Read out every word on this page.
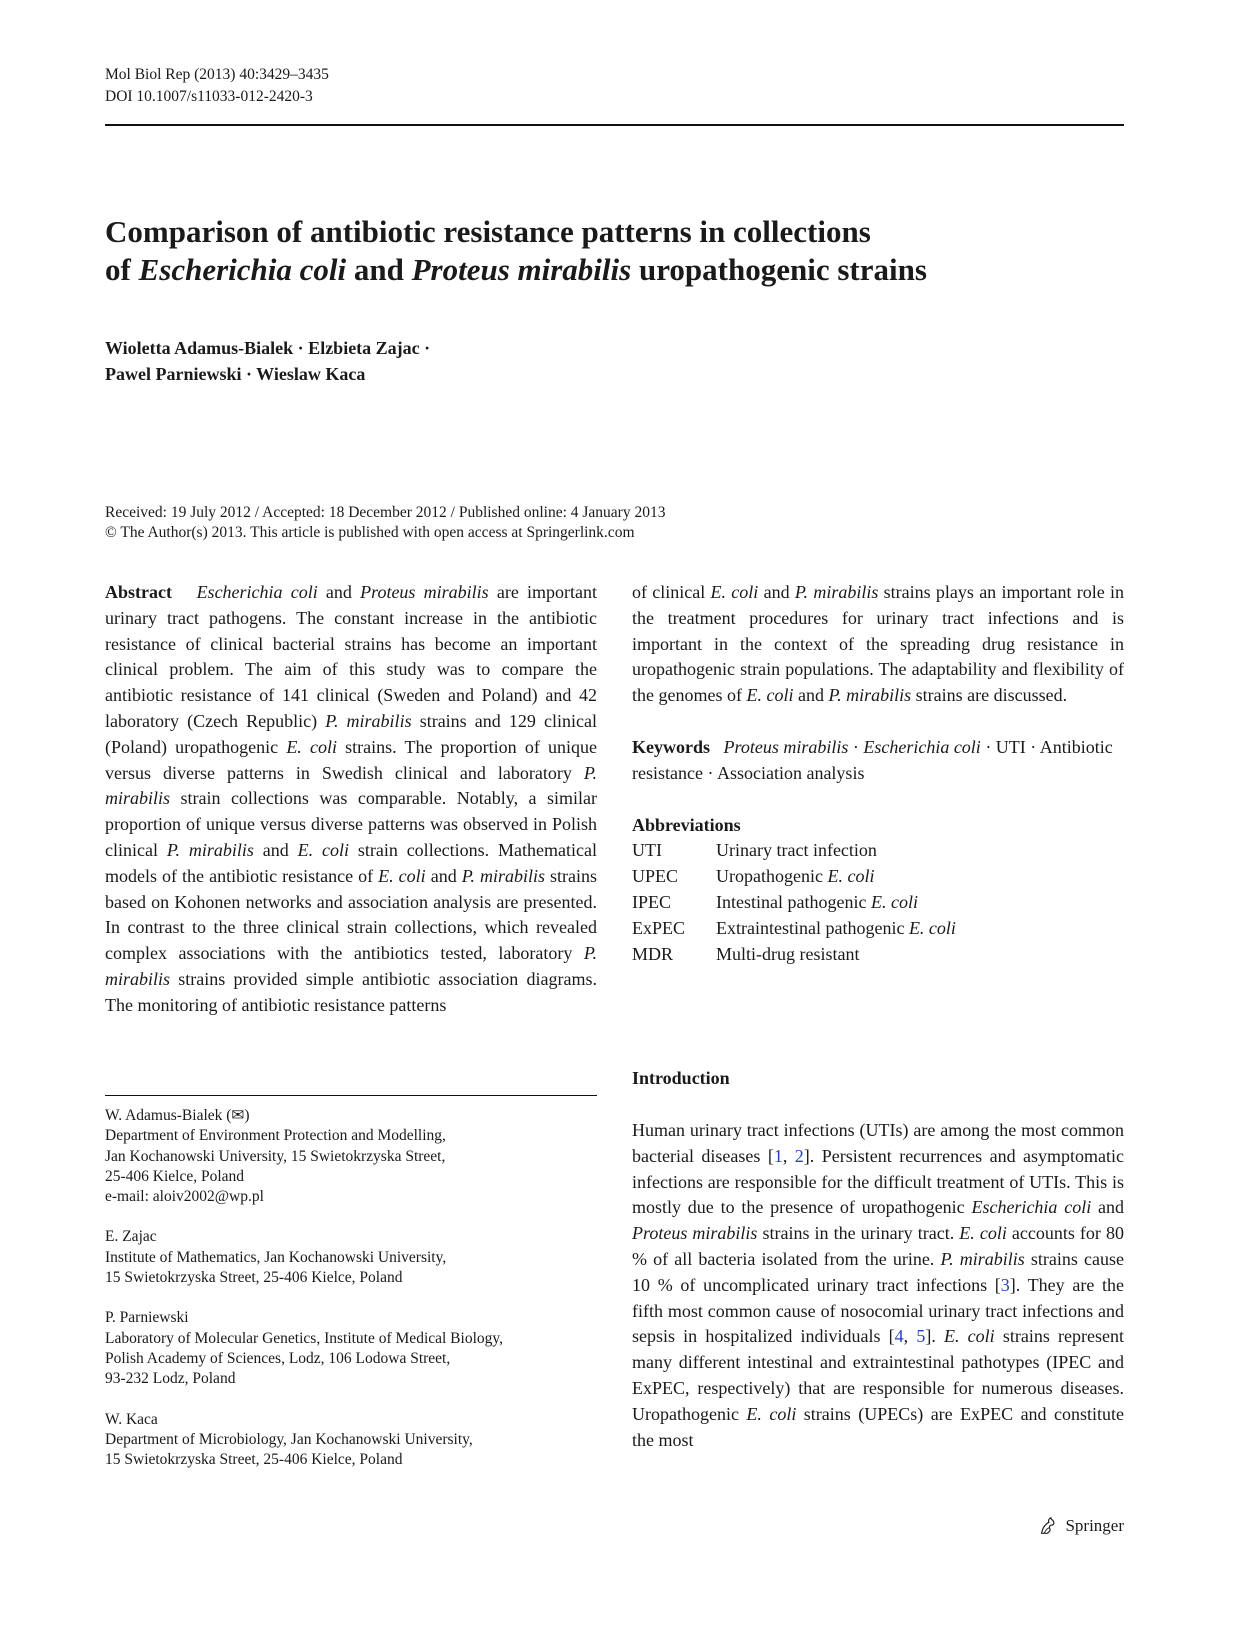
Mol Biol Rep (2013) 40:3429–3435
DOI 10.1007/s11033-012-2420-3
Comparison of antibiotic resistance patterns in collections
of Escherichia coli and Proteus mirabilis uropathogenic strains
Wioletta Adamus-Bialek · Elzbieta Zajac ·
Pawel Parniewski · Wieslaw Kaca
Received: 19 July 2012 / Accepted: 18 December 2012 / Published online: 4 January 2013
© The Author(s) 2013. This article is published with open access at Springerlink.com

Abstract Escherichia coli and Proteus mirabilis are important urinary tract pathogens. The constant increase in the antibiotic resistance of clinical bacterial strains has become an important clinical problem. The aim of this study was to compare the antibiotic resistance of 141 clinical (Sweden and Poland) and 42 laboratory (Czech Republic) P. mirabilis strains and 129 clinical (Poland) uropathogenic E. coli strains. The proportion of unique versus diverse patterns in Swedish clinical and laboratory P. mirabilis strain collections was comparable. Notably, a similar proportion of unique versus diverse patterns was observed in Polish clinical P. mirabilis and E. coli strain collections. Mathematical models of the antibiotic resistance of E. coli and P. mirabilis strains based on Kohonen networks and association analysis are presented. In contrast to the three clinical strain collections, which revealed complex associations with the antibiotics tested, laboratory P. mirabilis strains provided simple antibiotic association diagrams. The monitoring of antibiotic resistance patterns

of clinical E. coli and P. mirabilis strains plays an important role in the treatment procedures for urinary tract infections and is important in the context of the spreading drug resistance in uropathogenic strain populations. The adaptability and flexibility of the genomes of E. coli and P. mirabilis strains are discussed.

Keywords Proteus mirabilis · Escherichia coli · UTI · Antibiotic resistance · Association analysis
Abbreviations
UTI	Urinary tract infection
UPEC	Uropathogenic E. coli
IPEC	Intestinal pathogenic E. coli
ExPEC	Extraintestinal pathogenic E. coli
MDR	Multi-drug resistant
Introduction

Human urinary tract infections (UTIs) are among the most common bacterial diseases [1, 2]. Persistent recurrences and asymptomatic infections are responsible for the difficult treatment of UTIs. This is mostly due to the presence of uropathogenic Escherichia coli and Proteus mirabilis strains in the urinary tract. E. coli accounts for 80 % of all bacteria isolated from the urine. P. mirabilis strains cause 10 % of uncomplicated urinary tract infections [3]. They are the fifth most common cause of nosocomial urinary tract infections and sepsis in hospitalized individuals [4, 5]. E. coli strains represent many different intestinal and extraintestinal pathotypes (IPEC and ExPEC, respectively) that are responsible for numerous diseases. Uropathogenic E. coli strains (UPECs) are ExPEC and constitute the most

W. Adamus-Bialek (✉)
Department of Environment Protection and Modelling,
Jan Kochanowski University, 15 Swietokrzyska Street,
25-406 Kielce, Poland
e-mail: aloiv2002@wp.pl
E. Zajac
Institute of Mathematics, Jan Kochanowski University,
15 Swietokrzyska Street, 25-406 Kielce, Poland
P. Parniewski
Laboratory of Molecular Genetics, Institute of Medical Biology,
Polish Academy of Sciences, Lodz, 106 Lodowa Street,
93-232 Lodz, Poland
W. Kaca
Department of Microbiology, Jan Kochanowski University,
15 Swietokrzyska Street, 25-406 Kielce, Poland
Springer
